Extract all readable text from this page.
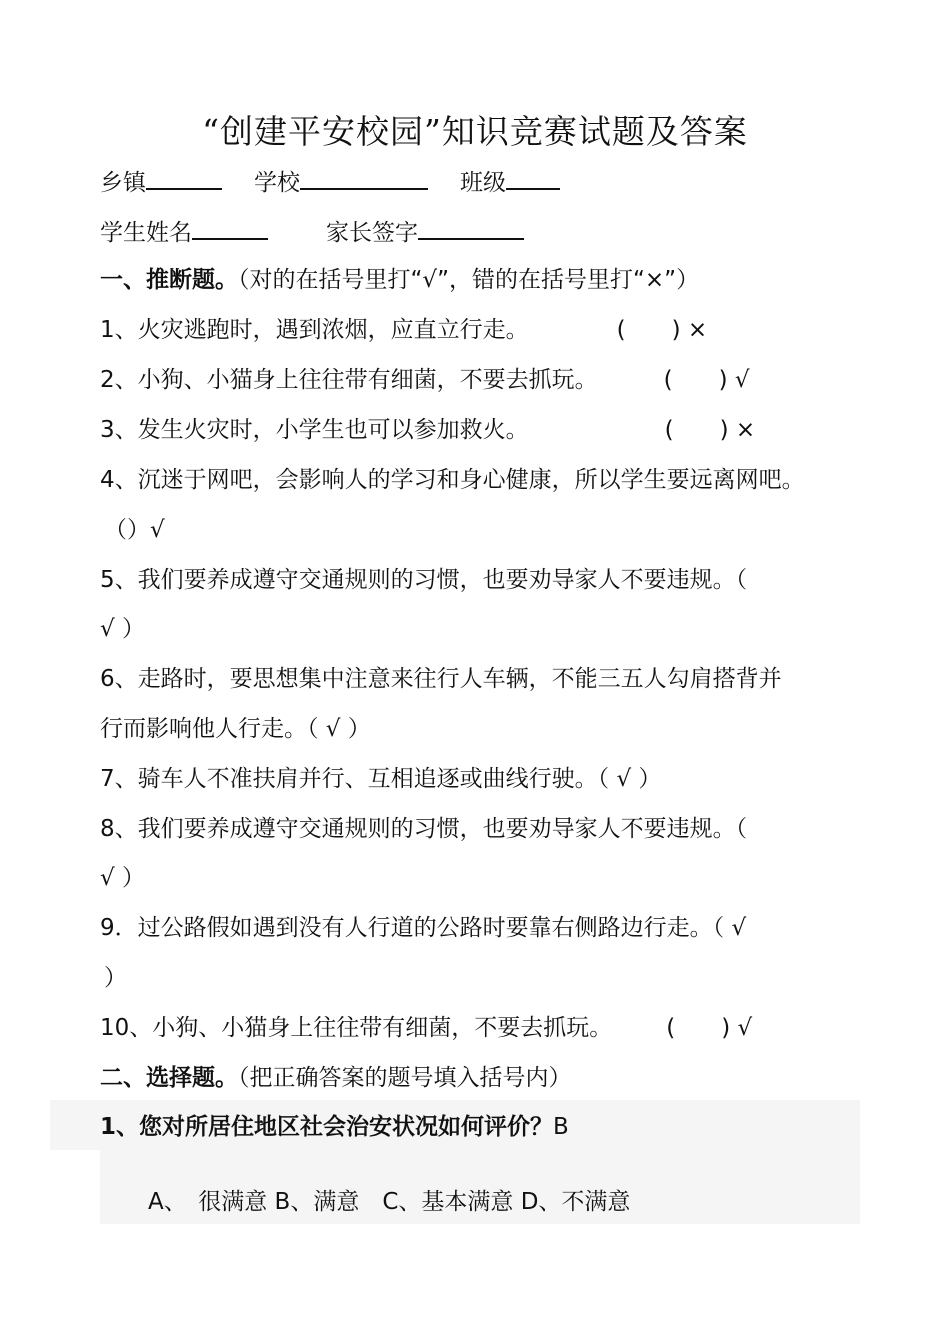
“创建平安校园”知识竞赛试题及答案
乡镇	学校	班级
学生姓名	家长签字
一、推断题。（对的在括号里打“√”，错的在括号里打“×”）
1、火灾逃跑时，遇到浓烟，应直立行走。	(　　) ×
2、小狗、小猫身上往往带有细菌，不要去抓玩。	(　　) √
3、发生火灾时，小学生也可以参加救火。	(　　) ×
4、沉迷于网吧，会影响人的学习和身心健康，所以学生要远离网吧。
（）√
5、我们要养成遵守交通规则的习惯，也要劝导家人不要违规。（
√ ）
6、走路时，要思想集中注意来往行人车辆，不能三五人勾肩搭背并
行而影响他人行走。（ √ ）
7、骑车人不准扶肩并行、互相追逐或曲线行驶。（ √ ）
8、我们要养成遵守交通规则的习惯，也要劝导家人不要违规。（
√ ）
9．过公路假如遇到没有人行道的公路时要靠右侧路边行走。（ √
）
10、小狗、小猫身上往往带有细菌，不要去抓玩。 (　　) √
二、选择题。（把正确答案的题号填入括号内）
1、您对所居住地区社会治安状况如何评价？B
A、　很满意 B、满意　C、基本满意 D、不满意
